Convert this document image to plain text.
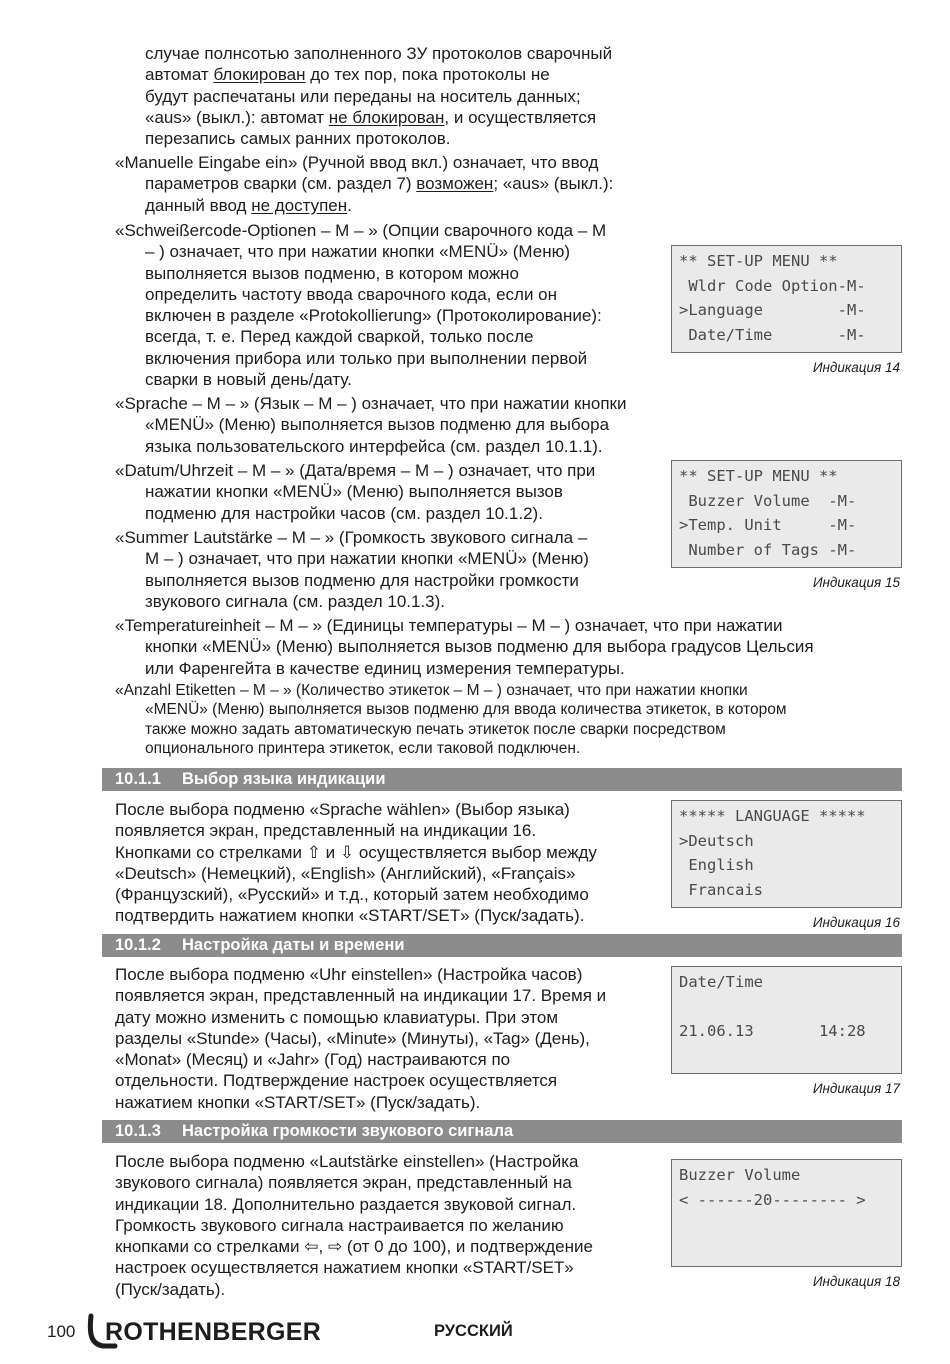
случае полнсотью заполненного ЗУ протоколов сварочный
автомат блокирован до тех пор, пока протоколы не
будут распечатаны или переданы на носитель данных;
«aus» (выкл.): автомат не блокирован, и осуществляется
перезапись самых ранних протоколов.
«Manuelle Eingabe ein» (Ручной ввод вкл.) означает, что ввод
параметров сварки (см. раздел 7) возможен; «aus» (выкл.):
данный ввод не доступен.
«Schweißercode-Optionen – M – » (Опции сварочного кода – M
– ) означает, что при нажатии кнопки «MENÜ» (Меню)
выполняется вызов подменю, в котором можно
определить частоту ввода сварочного кода, если он
включен в разделе «Protokollierung» (Протоколирование):
всегда, т. е. Перед каждой сваркой, только после
включения прибора или только при выполнении первой
сварки в новый день/дату.
«Sprache – M – » (Язык – M – ) означает, что при нажатии кнопки
«MENÜ» (Меню) выполняется вызов подменю для выбора
языка пользовательского интерфейса (см. раздел 10.1.1).
«Datum/Uhrzeit – M – » (Дата/время – M – ) означает, что при
нажатии кнопки «MENÜ» (Меню) выполняется вызов
подменю для настройки часов (см. раздел 10.1.2).
«Summer Lautstärke – M – » (Громкость звукового сигнала –
M – ) означает, что при нажатии кнопки «MENÜ» (Меню)
выполняется вызов подменю для настройки громкости
звукового сигнала (см. раздел 10.1.3).
«Temperatureinheit – M – » (Единицы температуры – M – ) означает, что при нажатии
кнопки «MENÜ» (Меню) выполняется вызов подменю для выбора градусов Цельсия
или Фаренгейта в качестве единиц измерения температуры.
«Anzahl Etiketten – M – » (Количество этикеток – M – ) означает, что при нажатии кнопки
«MENÜ» (Меню) выполняется вызов подменю для ввода количества этикеток, в котором
также можно задать автоматическую печать этикеток после сварки посредством
опционального принтера этикеток, если таковой подключен.
** SET-UP MENU **
Wldr Code Option-M-
>Language        -M-
Date/Time       -M-
Индикация 14
** SET-UP MENU **
Buzzer Volume  -M-
>Temp. Unit     -M-
Number of Tags -M-
Индикация 15
10.1.1 Выбор языка индикации
После выбора подменю «Sprache wählen» (Выбор языка)
появляется экран, представленный на индикации 16.
Кнопками со стрелками ⇧ и ⇩ осуществляется выбор между
«Deutsch» (Немецкий), «English» (Английский), «Français»
(Французский), «Русский» и т.д., который затем необходимо
подтвердить нажатием кнопки «START/SET» (Пуск/задать).
***** LANGUAGE *****
>Deutsch
English
Francais
Индикация 16
10.1.2 Настройка даты и времени
После выбора подменю «Uhr einstellen» (Настройка часов)
появляется экран, представленный на индикации 17. Время и
дату можно изменить с помощью клавиатуры. При этом
разделы «Stunde» (Часы), «Minute» (Минуты), «Tag» (День),
«Monat» (Месяц) и «Jahr» (Год) настраиваются по
отдельности. Подтверждение настроек осуществляется
нажатием кнопки «START/SET» (Пуск/задать).
Date/Time
21.06.13       14:28
Индикация 17
10.1.3 Настройка громкости звукового сигнала
После выбора подменю «Lautstärke einstellen» (Настройка
звукового сигнала) появляется экран, представленный на
индикации 18. Дополнительно раздается звуковой сигнал.
Громкость звукового сигнала настраивается по желанию
кнопками со стрелками ⇦, ⇨ (от 0 до 100), и подтверждение
настроек осуществляется нажатием кнопки «START/SET»
(Пуск/задать).
Buzzer Volume
< ------20-------- >
Индикация 18
100 ROTHENBERGER	РУССКИЙ
